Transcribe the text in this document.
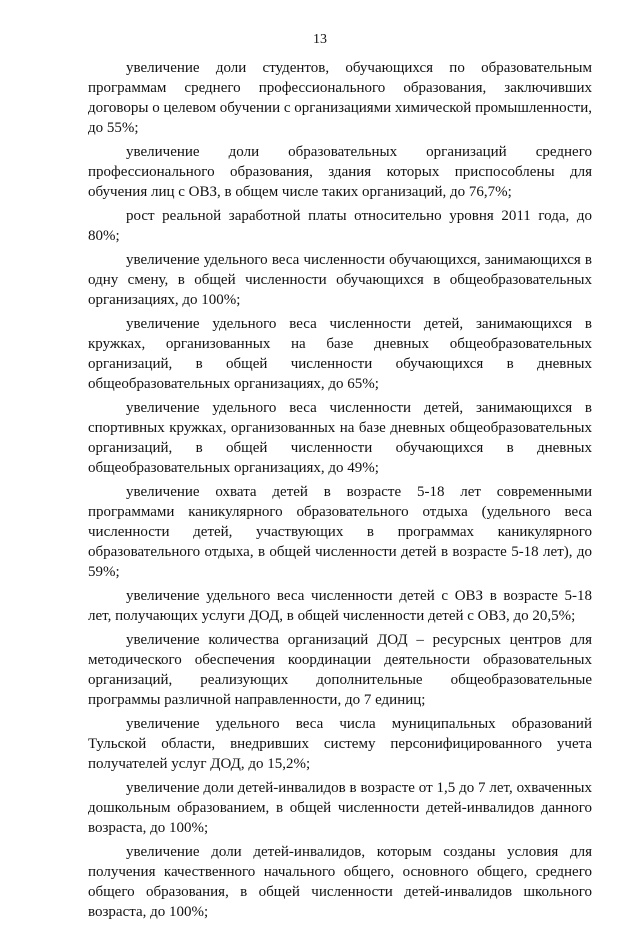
13

увеличение доли студентов, обучающихся по образовательным программам среднего профессионального образования, заключивших договоры о целевом обучении с организациями химической промышленности, до 55%;

увеличение доли образовательных организаций среднего профессионального образования, здания которых приспособлены для обучения лиц с ОВЗ, в общем числе таких организаций, до 76,7%;

рост реальной заработной платы относительно уровня 2011 года, до 80%;

увеличение удельного веса численности обучающихся, занимающихся в одну смену, в общей численности обучающихся в общеобразовательных организациях, до 100%;

увеличение удельного веса численности детей, занимающихся в кружках, организованных на базе дневных общеобразовательных организаций, в общей численности обучающихся в дневных общеобразовательных организациях, до 65%;

увеличение удельного веса численности детей, занимающихся в спортивных кружках, организованных на базе дневных общеобразовательных организаций, в общей численности обучающихся в дневных общеобразовательных организациях, до 49%;

увеличение охвата детей в возрасте 5-18 лет современными программами каникулярного образовательного отдыха (удельного веса численности детей, участвующих в программах каникулярного образовательного отдыха, в общей численности детей в возрасте 5-18 лет), до 59%;

увеличение удельного веса численности детей с ОВЗ в возрасте 5-18 лет, получающих услуги ДОД, в общей численности детей с ОВЗ, до 20,5%;

увеличение количества организаций ДОД – ресурсных центров для методического обеспечения координации деятельности образовательных организаций, реализующих дополнительные общеобразовательные программы различной направленности, до 7 единиц;

увеличение удельного веса числа муниципальных образований Тульской области, внедривших систему персонифицированного учета получателей услуг ДОД, до 15,2%;

увеличение доли детей-инвалидов в возрасте от 1,5 до 7 лет, охваченных дошкольным образованием, в общей численности детей-инвалидов данного возраста, до 100%;

увеличение доли детей-инвалидов, которым созданы условия для получения качественного начального общего, основного общего, среднего общего образования, в общей численности детей-инвалидов школьного возраста, до 100%;
